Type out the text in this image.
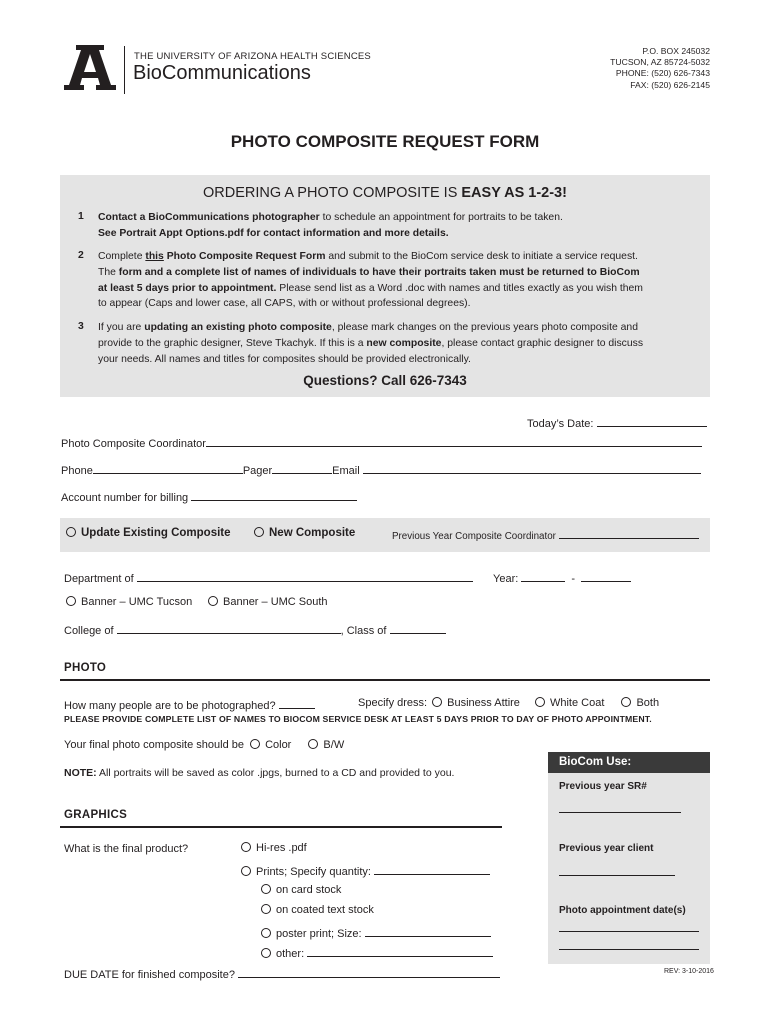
THE UNIVERSITY OF ARIZONA HEALTH SCIENCES
BioCommunications
P.O. BOX 245032
TUCSON, AZ 85724-5032
PHONE: (520) 626-7343
FAX: (520) 626-2145
PHOTO COMPOSITE REQUEST FORM
ORDERING A PHOTO COMPOSITE IS EASY AS 1-2-3!
1 Contact a BioCommunications photographer to schedule an appointment for portraits to be taken.
See Portrait Appt Options.pdf for contact information and more details.
2 Complete this Photo Composite Request Form and submit to the BioCom service desk to initiate a service request.
The form and a complete list of names of individuals to have their portraits taken must be returned to BioCom
at least 5 days prior to appointment. Please send list as a Word .doc with names and titles exactly as you wish them
to appear (Caps and lower case, all CAPS, with or without professional degrees).
3 If you are updating an existing photo composite, please mark changes on the previous years photo composite and
provide to the graphic designer, Steve Tkachyk. If this is a new composite, please contact graphic designer to discuss
your needs. All names and titles for composites should be provided electronically.
Questions? Call 626-7343
Today’s Date:
Photo Composite Coordinator
Phone	Pager	Email
Account number for billing
Update Existing Composite	New Composite	Previous Year Composite Coordinator
Department of	Year:	-
Banner – UMC Tucson	Banner – UMC South
College of	, Class of
PHOTO
How many people are to be photographed?	Specify dress: Business Attire	White Coat	Both
PLEASE PROVIDE COMPLETE LIST OF NAMES TO BIOCOM SERVICE DESK AT LEAST 5 DAYS PRIOR TO DAY OF PHOTO APPOINTMENT.
Your final photo composite should be Color	B/W
NOTE: All portraits will be saved as color .jpgs, burned to a CD and provided to you.
BioCom Use:
Previous year SR#
Previous year client
Photo appointment date(s)
GRAPHICS
What is the final product?	Hi-res .pdf
Prints; Specify quantity:
on card stock
on coated text stock
poster print; Size:
other:
DUE DATE for finished composite?	REV: 3-10-2016
